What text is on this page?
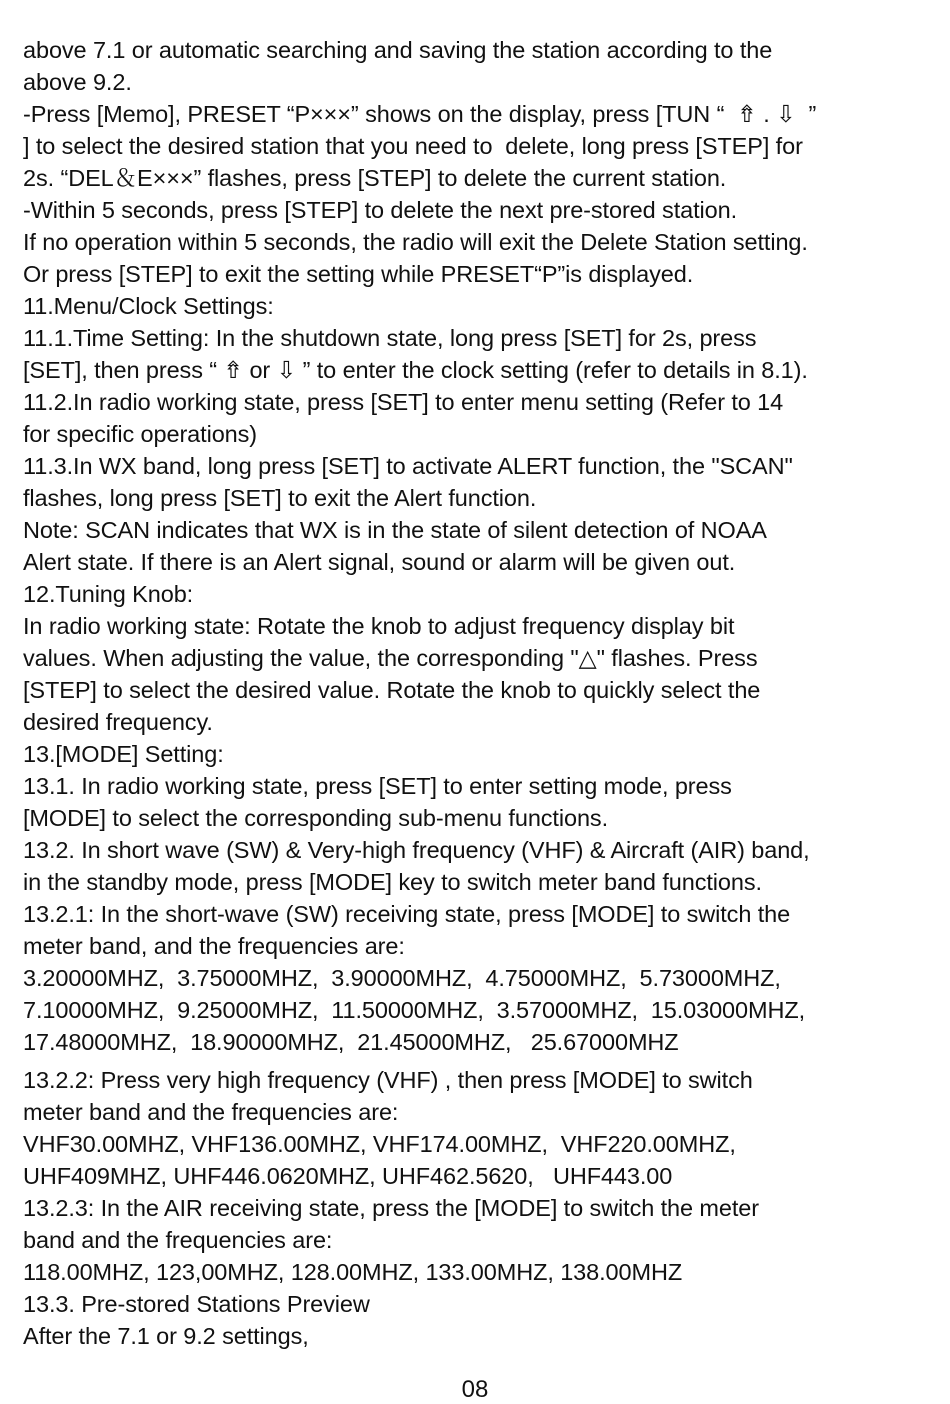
above 7.1 or automatic searching and saving the station according to the
above 9.2.
-Press [Memo], PRESET “P×××” shows on the display, press [TUN “  ⇮ . ⇩  ”
] to select the desired station that you need to  delete, long press [STEP] for
2s. “DEL＆E×××” flashes, press [STEP] to delete the current station.
-Within 5 seconds, press [STEP] to delete the next pre-stored station.
If no operation within 5 seconds, the radio will exit the Delete Station setting.
Or press [STEP] to exit the setting while PRESET“P”is displayed.
11.Menu/Clock Settings:
11.1.Time Setting: In the shutdown state, long press [SET] for 2s, press
[SET], then press “ ⇮ or ⇩ ” to enter the clock setting (refer to details in 8.1).
11.2.In radio working state, press [SET] to enter menu setting (Refer to 14
for specific operations)
11.3.In WX band, long press [SET] to activate ALERT function, the "SCAN"
flashes, long press [SET] to exit the Alert function.
Note: SCAN indicates that WX is in the state of silent detection of NOAA
Alert state. If there is an Alert signal, sound or alarm will be given out.
12.Tuning Knob:
In radio working state: Rotate the knob to adjust frequency display bit
values. When adjusting the value, the corresponding "△" flashes. Press
[STEP] to select the desired value. Rotate the knob to quickly select the
desired frequency.
13.[MODE] Setting:
13.1. In radio working state, press [SET] to enter setting mode, press
[MODE] to select the corresponding sub-menu functions.
13.2. In short wave (SW) & Very-high frequency (VHF) & Aircraft (AIR) band,
in the standby mode, press [MODE] key to switch meter band functions.
13.2.1: In the short-wave (SW) receiving state, press [MODE] to switch the
meter band, and the frequencies are:
3.20000MHZ,  3.75000MHZ,  3.90000MHZ,  4.75000MHZ,  5.73000MHZ,
7.10000MHZ,  9.25000MHZ,  11.50000MHZ,  3.57000MHZ,  15.03000MHZ,
17.48000MHZ,  18.90000MHZ,  21.45000MHZ,   25.67000MHZ
13.2.2: Press very high frequency (VHF) , then press [MODE] to switch
meter band and the frequencies are:
VHF30.00MHZ, VHF136.00MHZ, VHF174.00MHZ,  VHF220.00MHZ,
UHF409MHZ, UHF446.0620MHZ, UHF462.5620,   UHF443.00
13.2.3: In the AIR receiving state, press the [MODE] to switch the meter
band and the frequencies are:
118.00MHZ, 123,00MHZ, 128.00MHZ, 133.00MHZ, 138.00MHZ
13.3. Pre-stored Stations Preview
After the 7.1 or 9.2 settings,
08
